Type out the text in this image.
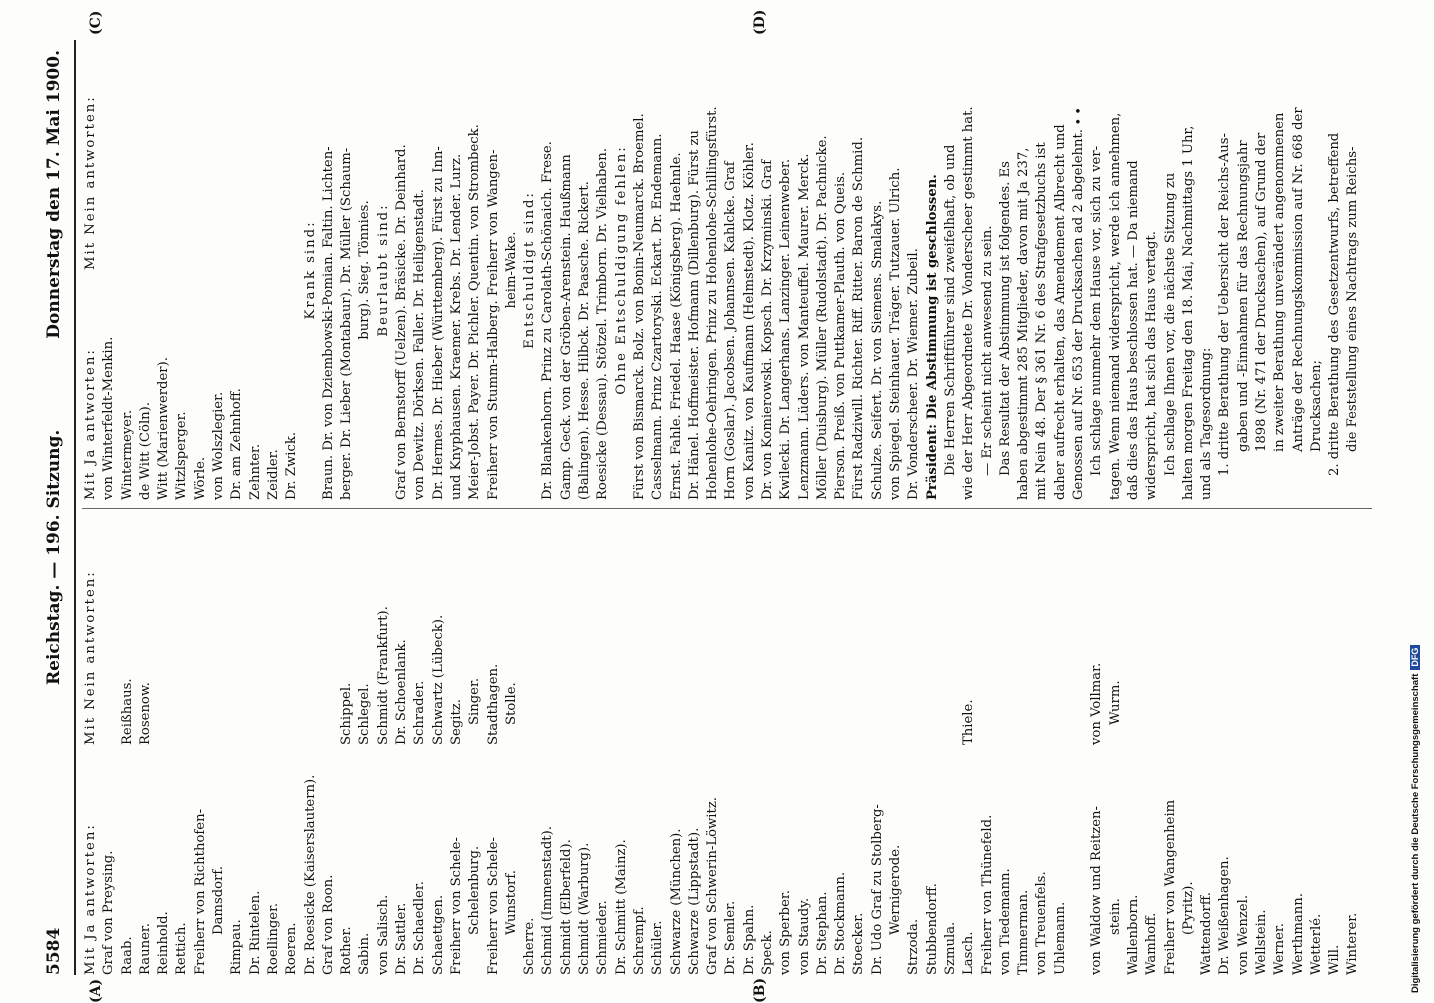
5584
Reichstag. — 196. Sitzung.
Donnerstag den 17. Mai 1900.
(A)	(B)
(C)	(D)
Mit Ja antworten:
Mit Nein antworten:
Graf von Preysing. Raab.
Reißhaus.
Rauner.
Rosenow.
Reinhold. Rettich. Freiherr von Richthofen- Damsdorf.
Rimpau. Dr. Rintelen. Roellinger. Roeren. Dr. Roesicke (Kaiserslautern). Graf von Roon. Rother.
Schippel.
Sabin.
Schlegel.
von Salisch.
Schmidt (Frankfurt).
Dr. Sattler.
Dr. Schoenlank.
Dr. Schaedler.
Schrader.
Schaettgen.
Schwartz (Lübeck).
Freiherr von Schele-
Segitz.
Schelenburg.
Singer.
Freiherr von Schele-
Stadthagen.
Wunstorf.
Stolle.
Scherre. Schmid (Immenstadt). Schmidt (Elberfeld). Schmidt (Warburg). Schmieder. Dr. Schmitt (Mainz). Schrempf. Schüler. Schwarze (München). Schwarze (Lippstadt). Graf von Schwerin-Löwitz. Dr. Semler. Dr. Spahn. Speck. von Sperber. von Staudy. Dr. Stephan. Dr. Stockmann. Stoecker. Dr. Udo Graf zu Stolberg- Wernigerode.
Strzoda. Stubbendorff. Szmula. Lasch.
Thiele.
Freiherr von Thünefeld. von Tiedemann. Timmerman. von Treuenfels. Uhlemann. von Waldow und Reitzen-
von Vollmar.
stein.
Wurm.
Wallenborn. Wamhoff. Freiherr von Wangenheim (Pyritz). Wattendorff. Dr. Weißenhagen. von Wenzel. Wellstein. Werner. Werthmann. Wetterlé. Will. Winterer.
Mit Ja antworten:
Mit Nein antworten:
von Winterfeldt-Menkin. Wintermeyer. de Witt (Cöln). Witt (Marienwerder). Witzlsperger. Wörle. von Wolszlegier. Dr. am Zehnhoff. Zehnter. Zeidler. Dr. Zwick.
Krank sind: Braun. Dr. von Dziembowski-Pomian. Faltin. Lichten- berger. Dr. Lieber (Montabaur). Dr. Müller (Schaum- burg). Sieg. Tönnies. Beurlaubt sind: Graf von Bernstorff (Uelzen). Bräsicke. Dr. Deinhard. von Dewitz. Dörksen. Faller. Dr. Heiligenstadt. Dr. Hermes. Dr. Hieber (Württemberg). Fürst zu Inn- und Knyphausen. Kraemer. Krebs. Dr. Lender. Lurz. Meier-Jobst. Payer. Dr. Pichler. Quentin. von Strombeck. Freiherr von Stumm-Halberg. Freiherr von Wangen- heim-Wake. Entschuldigt sind: Dr. Blankenhorn. Prinz zu Carolath-Schönaich. Frese. Gamp. Geck. von der Gröben-Arenstein. Haußmann (Balingen). Hesse. Hilbck. Dr. Paasche. Rickert. Roesicke (Dessau). Stötzel. Trimborn. Dr. Vielhaben. Ohne Entschuldigung fehlen: Fürst von Bismarck. Bolz. von Bonin-Neumarck. Broemel. Casselmann. Prinz Czartoryski. Eckart. Dr. Endemann. Ernst. Fahle. Friedel. Haase (Königsberg). Haehnle. Dr. Hänel. Hoffmeister. Hofmann (Dillenburg). Fürst zu Hohenlohe-Oehringen. Prinz zu Hohenlohe-Schillingsfürst. Horn (Goslar). Jacobsen. Johannsen. Kahlcke. Graf von Kanitz. von Kaufmann (Helmstedt). Klotz. Köhler. Dr. von Komierowski. Kopsch. Dr. Krzyminski. Graf Kwilecki. Dr. Langerhans. Lanzinger. Leinenweber. Lenzmann. Lüders. von Manteuffel. Maurer. Merck. Möller (Duisburg). Müller (Rudolstadt). Dr. Pachnicke. Pierson. Preiß. von Puttkamer-Plauth. von Queis. Fürst Radziwill. Richter. Riff. Ritter. Baron de Schmid. Schulze. Seifert. Dr. von Siemens. Smalakys. von Spiegel. Steinhauer. Träger. Tutzauer. Ulrich. Dr. Vonderscheer. Dr. Wiemer. Zubeil. Präsident: Die Abstimmung ist geschlossen. Die Herren Schriftführer sind zweifelhaft, ob und wie der Herr Abgeordnete Dr. Vonderscheer gestimmt hat. — Er scheint nicht anwesend zu sein. Das Resultat der Abstimmung ist folgendes. Es haben abgestimmt 285 Mitglieder, davon mit Ja 237, mit Nein 48. Der § 361 Nr. 6 des Strafgesetzbuchs ist daher aufrecht erhalten, das Amendement Albrecht und Genossen auf Nr. 653 der Drucksachen ad 2 abgelehnt. ∙ ∙ Ich schlage nunmehr dem Hause vor, sich zu ver- tagen. Wenn niemand widerspricht, werde ich annehmen, daß dies das Haus beschlossen hat. — Da niemand widerspricht, hat sich das Haus vertagt. Ich schlage Ihnen vor, die nächste Sitzung zu halten morgen Freitag den 18. Mai, Nachmittags 1 Uhr, und als Tagesordnung: 1. dritte Berathung der Uebersicht der Reichs-Aus- gaben und -Einnahmen für das Rechnungsjahr 1898 (Nr. 471 der Drucksachen), auf Grund der in zweiter Berathung unverändert angenommenen Anträge der Rechnungskommission auf Nr. 668 der Drucksachen; 2. dritte Berathung des Gesetzentwurfs, betreffend die Feststellung eines Nachtrags zum Reichs-
Digitalisierung gefördert durch die Deutsche ForschungsgemeinschaftDFG
